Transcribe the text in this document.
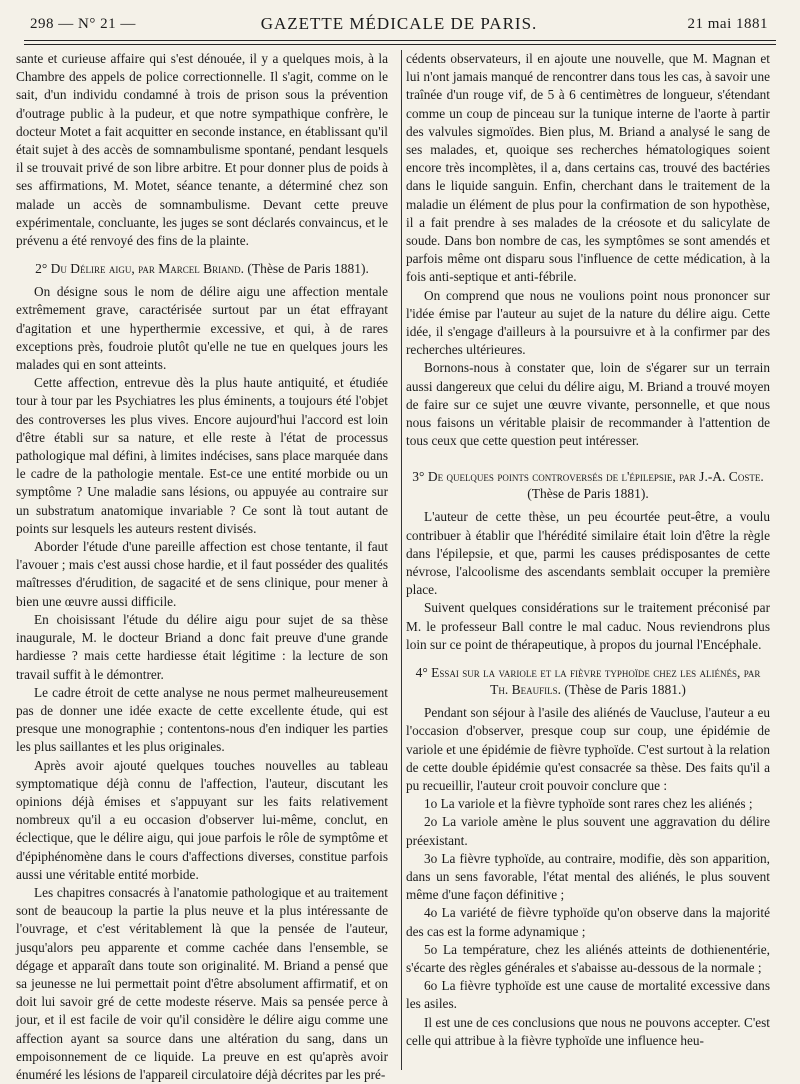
298 — N° 21 —	GAZETTE MÉDICALE DE PARIS.	21 mai 1881

sante et curieuse affaire qui s'est dénouée, il y a quelques mois, à la Chambre des appels de police correctionnelle. Il s'agit, comme on le sait, d'un individu condamné à trois de prison sous la prévention d'outrage public à la pudeur, et que notre sympathique confrère, le docteur Motet a fait acquitter en seconde instance, en établissant qu'il était sujet à des accès de somnambulisme spontané, pendant lesquels il se trouvait privé de son libre arbitre. Et pour donner plus de poids à ses affirmations, M. Motet, séance tenante, a déterminé chez son malade un accès de somnambulisme. Devant cette preuve expérimentale, concluante, les juges se sont déclarés convaincus, et le prévenu a été renvoyé des fins de la plainte.

2° Du Délire aigu, par Marcel Briand. (Thèse de Paris 1881).

On désigne sous le nom de délire aigu une affection mentale extrêmement grave, caractérisée surtout par un état effrayant d'agitation et une hyperthermie excessive, et qui, à de rares exceptions près, foudroie plutôt qu'elle ne tue en quelques jours les malades qui en sont atteints.

Cette affection, entrevue dès la plus haute antiquité, et étudiée tour à tour par les Psychiatres les plus éminents, a toujours été l'objet des controverses les plus vives. Encore aujourd'hui l'accord est loin d'être établi sur sa nature, et elle reste à l'état de processus pathologique mal défini, à limites indécises, sans place marquée dans le cadre de la pathologie mentale. Est-ce une entité morbide ou un symptôme ? Une maladie sans lésions, ou appuyée au contraire sur un substratum anatomique invariable ? Ce sont là tout autant de points sur lesquels les auteurs restent divisés.

Aborder l'étude d'une pareille affection est chose tentante, il faut l'avouer ; mais c'est aussi chose hardie, et il faut posséder des qualités maîtresses d'érudition, de sagacité et de sens clinique, pour mener à bien une œuvre aussi difficile.

En choisissant l'étude du délire aigu pour sujet de sa thèse inaugurale, M. le docteur Briand a donc fait preuve d'une grande hardiesse ? mais cette hardiesse était légitime : la lecture de son travail suffit à le démontrer.

Le cadre étroit de cette analyse ne nous permet malheureusement pas de donner une idée exacte de cette excellente étude, qui est presque une monographie ; contentons-nous d'en indiquer les parties les plus saillantes et les plus originales.

Après avoir ajouté quelques touches nouvelles au tableau symptomatique déjà connu de l'affection, l'auteur, discutant les opinions déjà émises et s'appuyant sur les faits relativement nombreux qu'il a eu occasion d'observer lui-même, conclut, en éclectique, que le délire aigu, qui joue parfois le rôle de symptôme et d'épiphénomène dans le cours d'affections diverses, constitue parfois aussi une véritable entité morbide.

Les chapitres consacrés à l'anatomie pathologique et au traitement sont de beaucoup la partie la plus neuve et la plus intéressante de l'ouvrage, et c'est véritablement là que la pensée de l'auteur, jusqu'alors peu apparente et comme cachée dans l'ensemble, se dégage et apparaît dans toute son originalité. M. Briand a pensé que sa jeunesse ne lui permettait point d'être absolument affirmatif, et on doit lui savoir gré de cette modeste réserve. Mais sa pensée perce à jour, et il est facile de voir qu'il considère le délire aigu comme une affection ayant sa source dans une altération du sang, dans un empoisonnement de ce liquide. La preuve en est qu'après avoir énuméré les lésions de l'appareil circulatoire déjà décrites par les pré-

cédents observateurs, il en ajoute une nouvelle, que M. Magnan et lui n'ont jamais manqué de rencontrer dans tous les cas, à savoir une traînée d'un rouge vif, de 5 à 6 centimètres de longueur, s'étendant comme un coup de pinceau sur la tunique interne de l'aorte à partir des valvules sigmoïdes. Bien plus, M. Briand a analysé le sang de ses malades, et, quoique ses recherches hématologiques soient encore très incomplètes, il a, dans certains cas, trouvé des bactéries dans le liquide sanguin. Enfin, cherchant dans le traitement de la maladie un élément de plus pour la confirmation de son hypothèse, il a fait prendre à ses malades de la créosote et du salicylate de soude. Dans bon nombre de cas, les symptômes se sont amendés et parfois même ont disparu sous l'influence de cette médication, à la fois anti-septique et anti-fébrile.

On comprend que nous ne voulions point nous prononcer sur l'idée émise par l'auteur au sujet de la nature du délire aigu. Cette idée, il s'engage d'ailleurs à la poursuivre et à la confirmer par des recherches ultérieures.

Bornons-nous à constater que, loin de s'égarer sur un terrain aussi dangereux que celui du délire aigu, M. Briand a trouvé moyen de faire sur ce sujet une œuvre vivante, personnelle, et que nous nous faisons un véritable plaisir de recommander à l'attention de tous ceux que cette question peut intéresser.

3° De quelques points controversés de l'épilepsie, par J.-A. Coste. (Thèse de Paris 1881).

L'auteur de cette thèse, un peu écourtée peut-être, a voulu contribuer à établir que l'hérédité similaire était loin d'être la règle dans l'épilepsie, et que, parmi les causes prédisposantes de cette névrose, l'alcoolisme des ascendants semblait occuper la première place.

Suivent quelques considérations sur le traitement préconisé par M. le professeur Ball contre le mal caduc. Nous reviendrons plus loin sur ce point de thérapeutique, à propos du journal l'Encéphale.

4° Essai sur la variole et la fièvre typhoïde chez les aliénés, par Th. Beaufils. (Thèse de Paris 1881.)

Pendant son séjour à l'asile des aliénés de Vaucluse, l'auteur a eu l'occasion d'observer, presque coup sur coup, une épidémie de variole et une épidémie de fièvre typhoïde. C'est surtout à la relation de cette double épidémie qu'est consacrée sa thèse. Des faits qu'il a pu recueillir, l'auteur croit pouvoir conclure que :

1o La variole et la fièvre typhoïde sont rares chez les aliénés ;

2o La variole amène le plus souvent une aggravation du délire préexistant.

3o La fièvre typhoïde, au contraire, modifie, dès son apparition, dans un sens favorable, l'état mental des aliénés, le plus souvent même d'une façon définitive ;

4o La variété de fièvre typhoïde qu'on observe dans la majorité des cas est la forme adynamique ;

5o La température, chez les aliénés atteints de dothienentérie, s'écarte des règles générales et s'abaisse au-dessous de la normale ;

6o La fièvre typhoïde est une cause de mortalité excessive dans les asiles.

Il est une de ces conclusions que nous ne pouvons accepter. C'est celle qui attribue à la fièvre typhoïde une influence heu-
